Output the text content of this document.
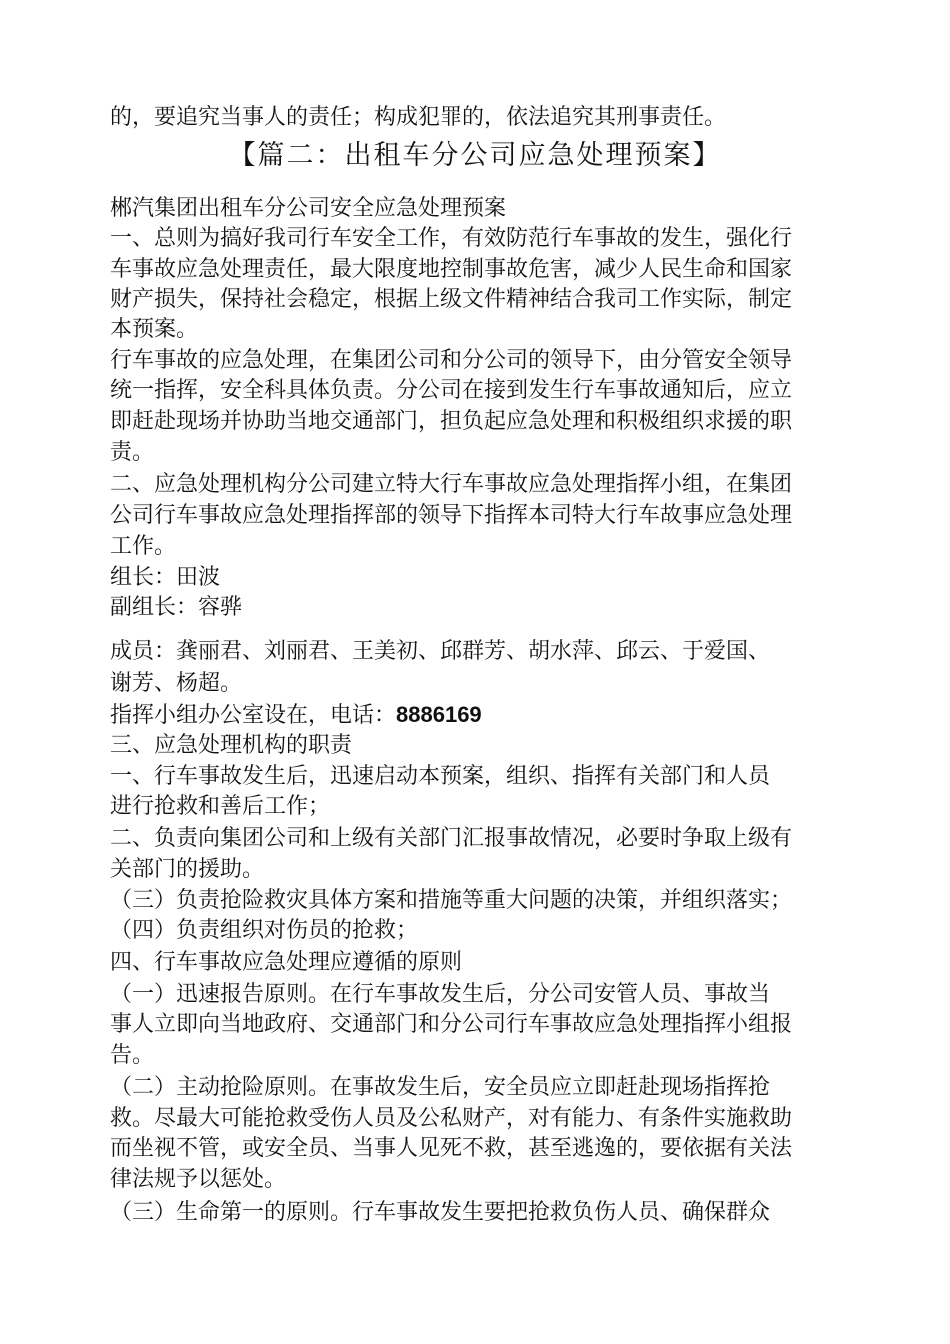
的，要追究当事人的责任；构成犯罪的，依法追究其刑事责任。
【篇二：出租车分公司应急处理预案】
郴汽集团出租车分公司安全应急处理预案
一、总则为搞好我司行车安全工作，有效防范行车事故的发生，强化行
车事故应急处理责任，最大限度地控制事故危害，减少人民生命和国家
财产损失，保持社会稳定，根据上级文件精神结合我司工作实际，制定
本预案。
行车事故的应急处理，在集团公司和分公司的领导下，由分管安全领导
统一指挥，安全科具体负责。分公司在接到发生行车事故通知后，应立
即赶赴现场并协助当地交通部门，担负起应急处理和积极组织求援的职
责。
二、应急处理机构分公司建立特大行车事故应急处理指挥小组，在集团
公司行车事故应急处理指挥部的领导下指挥本司特大行车故事应急处理
工作。
组长：田波
副组长：容骅
成员：龚丽君、刘丽君、王美初、邱群芳、胡水萍、邱云、于爱国、
谢芳、杨超。
指挥小组办公室设在，电话：8886169
三、应急处理机构的职责
一、行车事故发生后，迅速启动本预案，组织、指挥有关部门和人员
进行抢救和善后工作；
二、负责向集团公司和上级有关部门汇报事故情况，必要时争取上级有
关部门的援助。
（三）负责抢险救灾具体方案和措施等重大问题的决策，并组织落实；
（四）负责组织对伤员的抢救；
四、行车事故应急处理应遵循的原则
（一）迅速报告原则。在行车事故发生后，分公司安管人员、事故当
事人立即向当地政府、交通部门和分公司行车事故应急处理指挥小组报
告。
（二）主动抢险原则。在事故发生后，安全员应立即赶赴现场指挥抢
救。尽最大可能抢救受伤人员及公私财产，对有能力、有条件实施救助
而坐视不管，或安全员、当事人见死不救，甚至逃逸的，要依据有关法
律法规予以惩处。
（三）生命第一的原则。行车事故发生要把抢救负伤人员、确保群众
